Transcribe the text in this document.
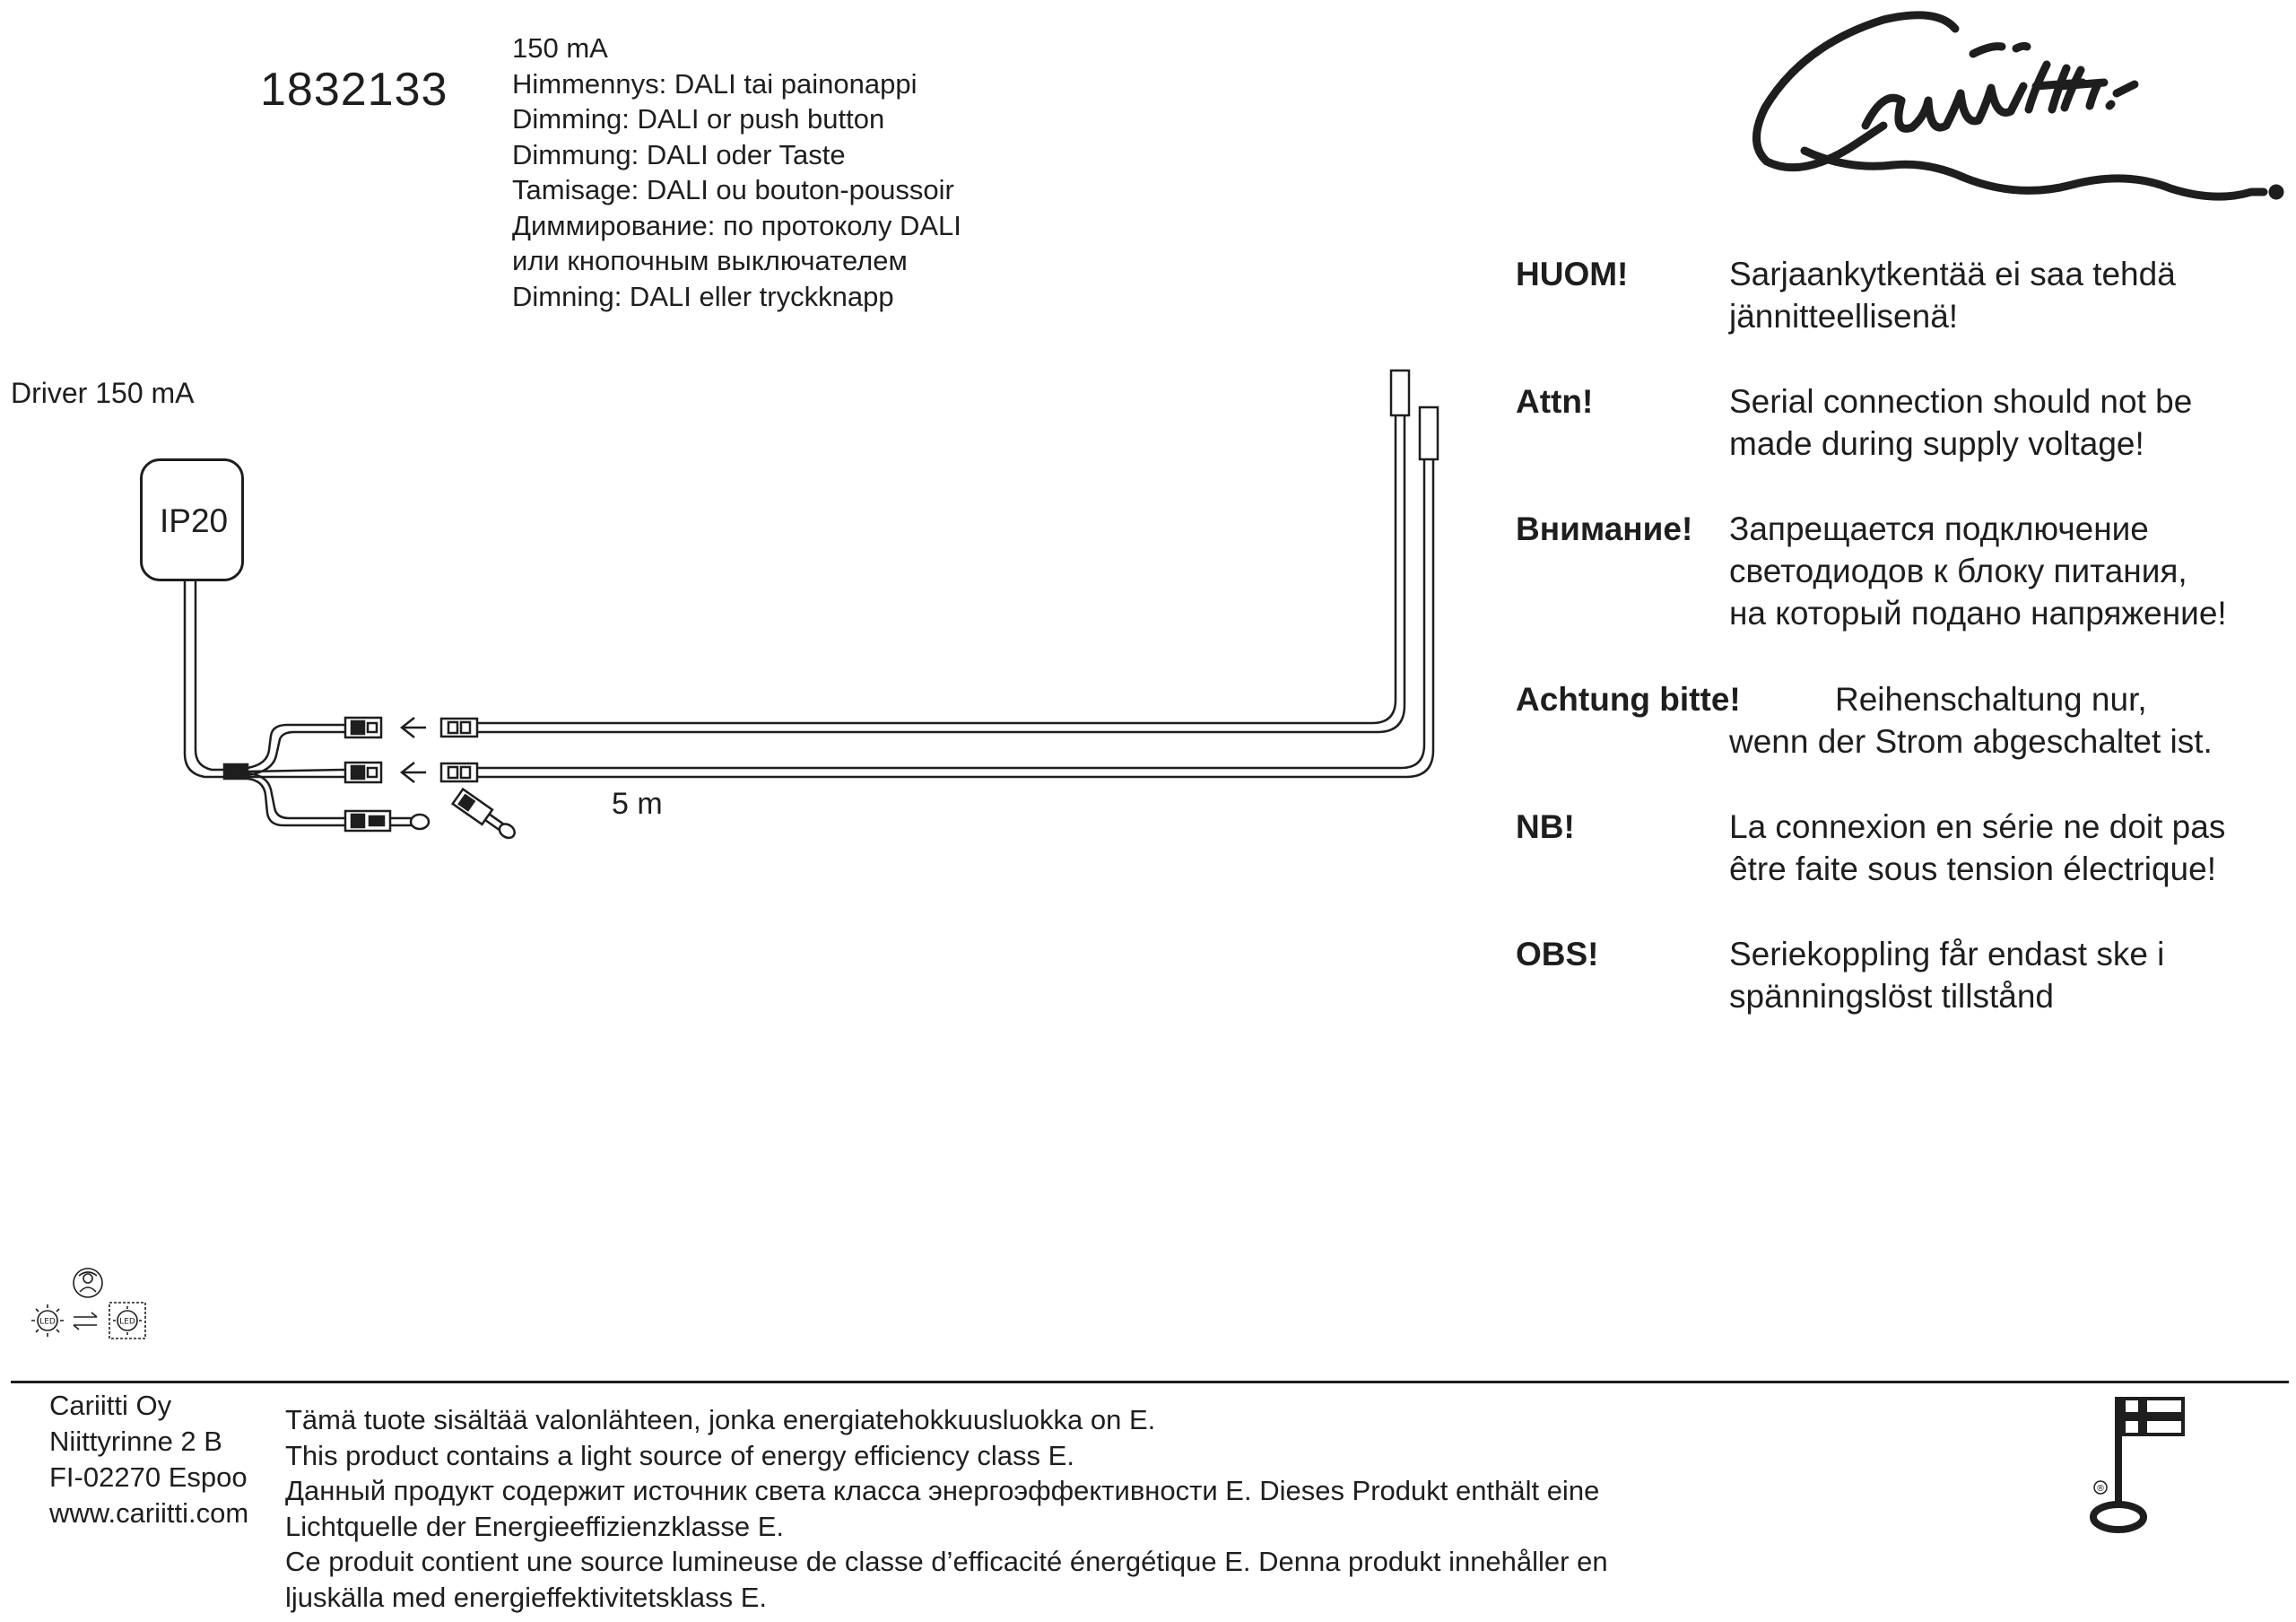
1832133
150 mA
Himmennys: DALI tai painonappi
Dimming: DALI or push button
Dimmung: DALI oder Taste
Tamisage: DALI ou bouton-poussoir
Диммирование: по протоколу DALI
или кнопочным выключателем
Dimning: DALI eller tryckknapp
Driver 150 mA
IP20
5 m
HUOM!	Sarjaankytkentää ei saa tehdä
jännitteellisenä!
Attn!	Serial connection should not be
made during supply voltage!
Внимание! Запрещается подключение
светодиодов к блоку питания,
на который подано напряжение!
Achtung bitte!	Reihenschaltung nur,
wenn der Strom abgeschaltet ist.
NB!	La connexion en série ne doit pas
être faite sous tension électrique!
OBS!	Seriekoppling får endast ske i
spänningslöst tillstånd
LED	LED
Cariitti Oy
Niittyrinne 2 B
FI-02270 Espoo
www.cariitti.com
Tämä tuote sisältää valonlähteen, jonka energiatehokkuusluokka on E.
This product contains a light source of energy efficiency class E.
Данный продукт содержит источник света класса энергоэффективности E. Dieses Produkt enthält eine
Lichtquelle der Energieeffizienzklasse E.
Ce produit contient une source lumineuse de classe d’efficacité énergétique E. Denna produkt innehåller en
ljuskälla med energieffektivitetsklass E.
®
